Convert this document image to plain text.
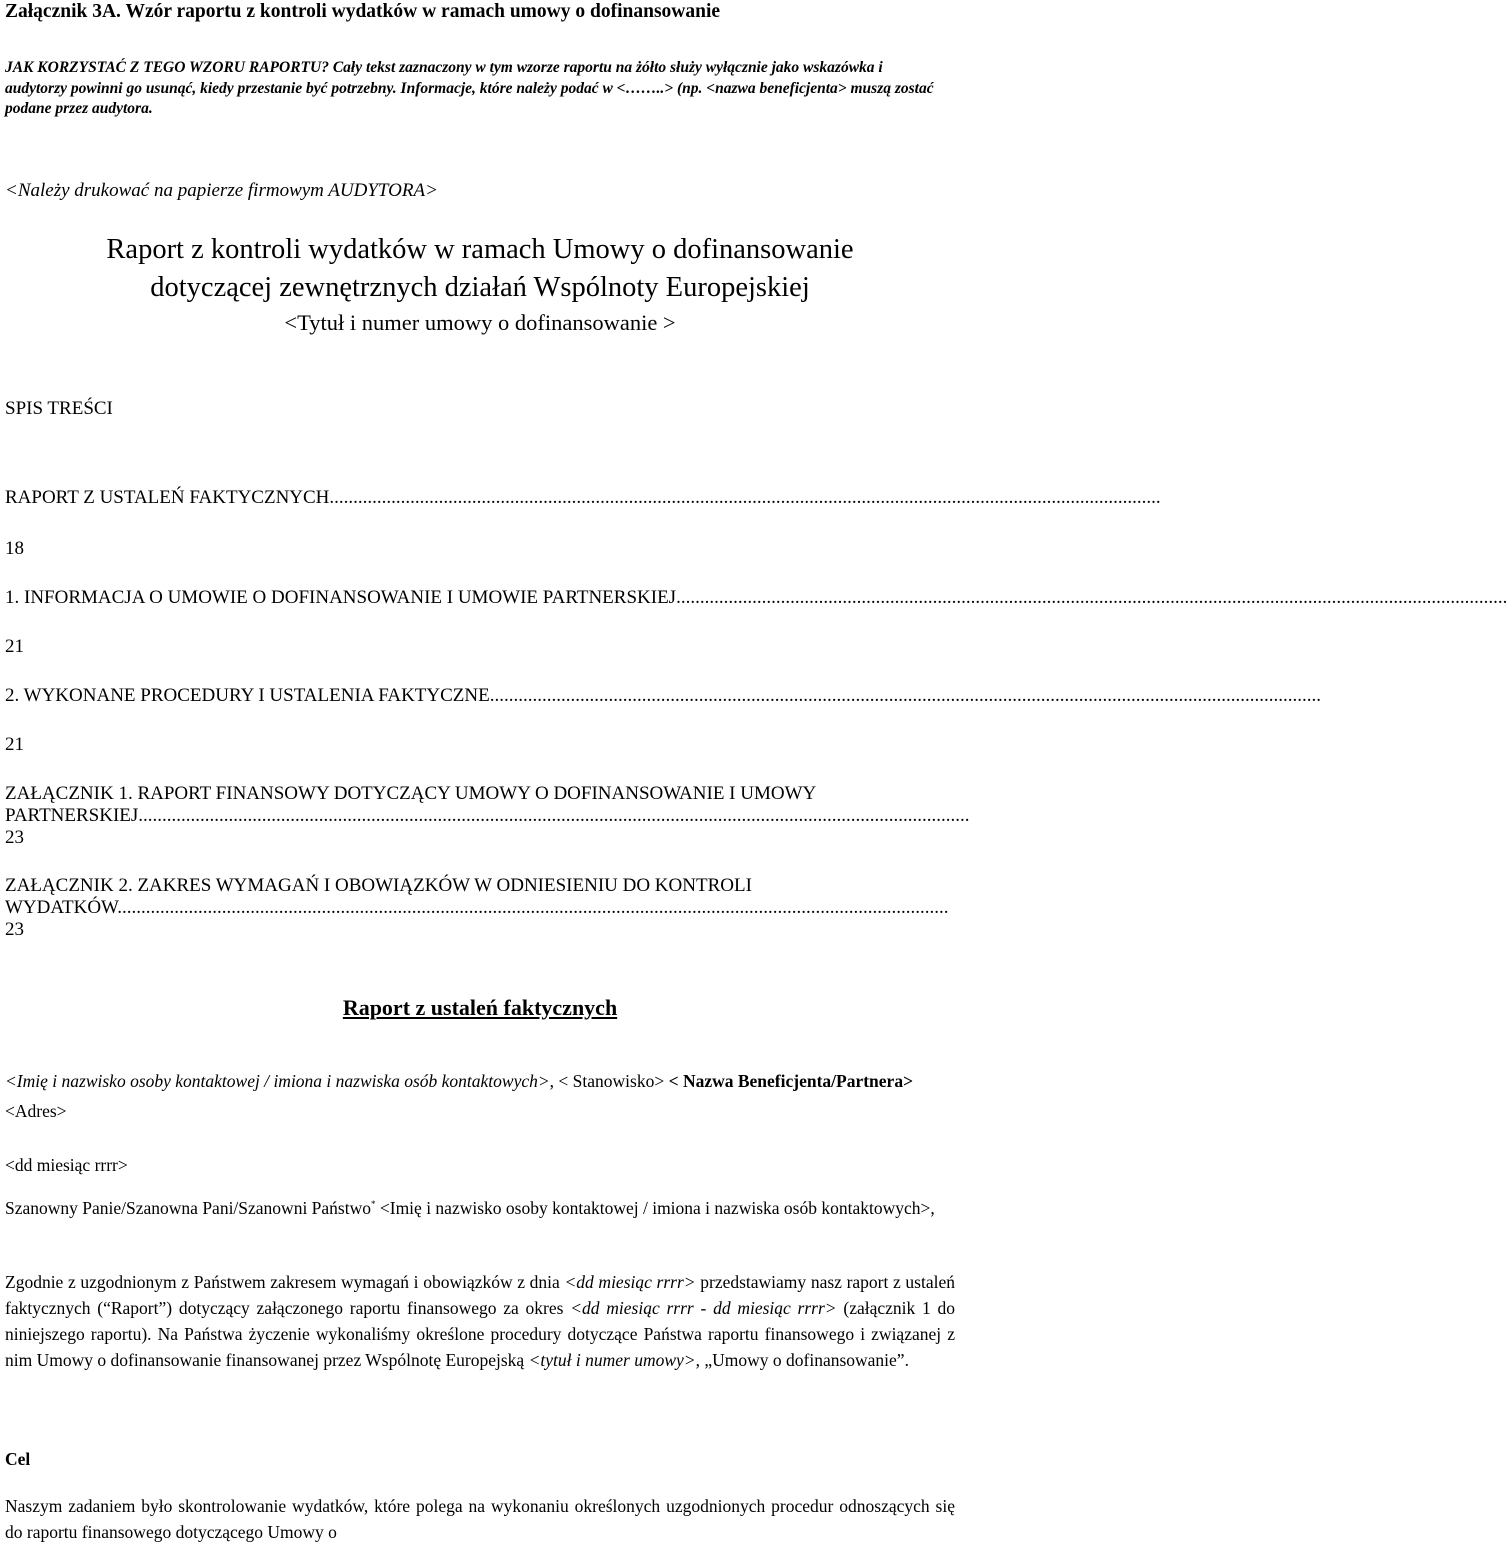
Załącznik 3A. Wzór raportu z kontroli wydatków w ramach umowy o dofinansowanie
JAK KORZYSTAĆ Z TEGO WZORU RAPORTU? Cały tekst zaznaczony w tym wzorze raportu na żółto służy wyłącznie jako wskazówka i audytorzy powinni go usunąć, kiedy przestanie być potrzebny. Informacje, które należy podać w <……..> (np. <nazwa beneficjenta> muszą zostać podane przez audytora.
<Należy drukować na papierze firmowym AUDYTORA>
Raport z kontroli wydatków w ramach Umowy o dofinansowanie
dotyczącej zewnętrznych działań Wspólnoty Europejskiej
<Tytuł i numer umowy o dofinansowanie >
SPIS TREŚCI
RAPORT Z USTALEŃ FAKTYCZNYCH...............................................................................................................................................................................
18
1. INFORMACJA O UMOWIE O DOFINANSOWANIE I UMOWIE PARTNERSKIEJ...............................................................................................................................................................................
21
2. WYKONANE PROCEDURY I USTALENIA FAKTYCZNE...............................................................................................................................................................................
21
ZAŁĄCZNIK 1. RAPORT FINANSOWY DOTYCZĄCY UMOWY O DOFINANSOWANIE I UMOWY
PARTNERSKIEJ...............................................................................................................................................................................
23
ZAŁĄCZNIK 2. ZAKRES WYMAGAŃ I OBOWIĄZKÓW W ODNIESIENIU DO KONTROLI
WYDATKÓW...............................................................................................................................................................................
23
Raport z ustaleń faktycznych
<Imię i nazwisko osoby kontaktowej / imiona i nazwiska osób kontaktowych>, < Stanowisko> < Nazwa Beneficjenta/Partnera> <Adres>
<dd miesiąc rrrr>
Szanowny Panie/Szanowna Pani/Szanowni Państwo* <Imię i nazwisko osoby kontaktowej / imiona i nazwiska osób kontaktowych>,
Zgodnie z uzgodnionym z Państwem zakresem wymagań i obowiązków z dnia <dd miesiąc rrrr> przedstawiamy nasz raport z ustaleń faktycznych (“Raport”) dotyczący załączonego raportu finansowego za okres <dd miesiąc rrrr - dd miesiąc rrrr> (załącznik 1 do niniejszego raportu). Na Państwa życzenie wykonaliśmy określone procedury dotyczące Państwa raportu finansowego i związanej z nim Umowy o dofinansowanie finansowanej przez Wspólnotę Europejską <tytuł i numer umowy>, „Umowy o dofinansowanie”.
Cel
Naszym zadaniem było skontrolowanie wydatków, które polega na wykonaniu określonych uzgodnionych procedur odnoszących się do raportu finansowego dotyczącego Umowy o
